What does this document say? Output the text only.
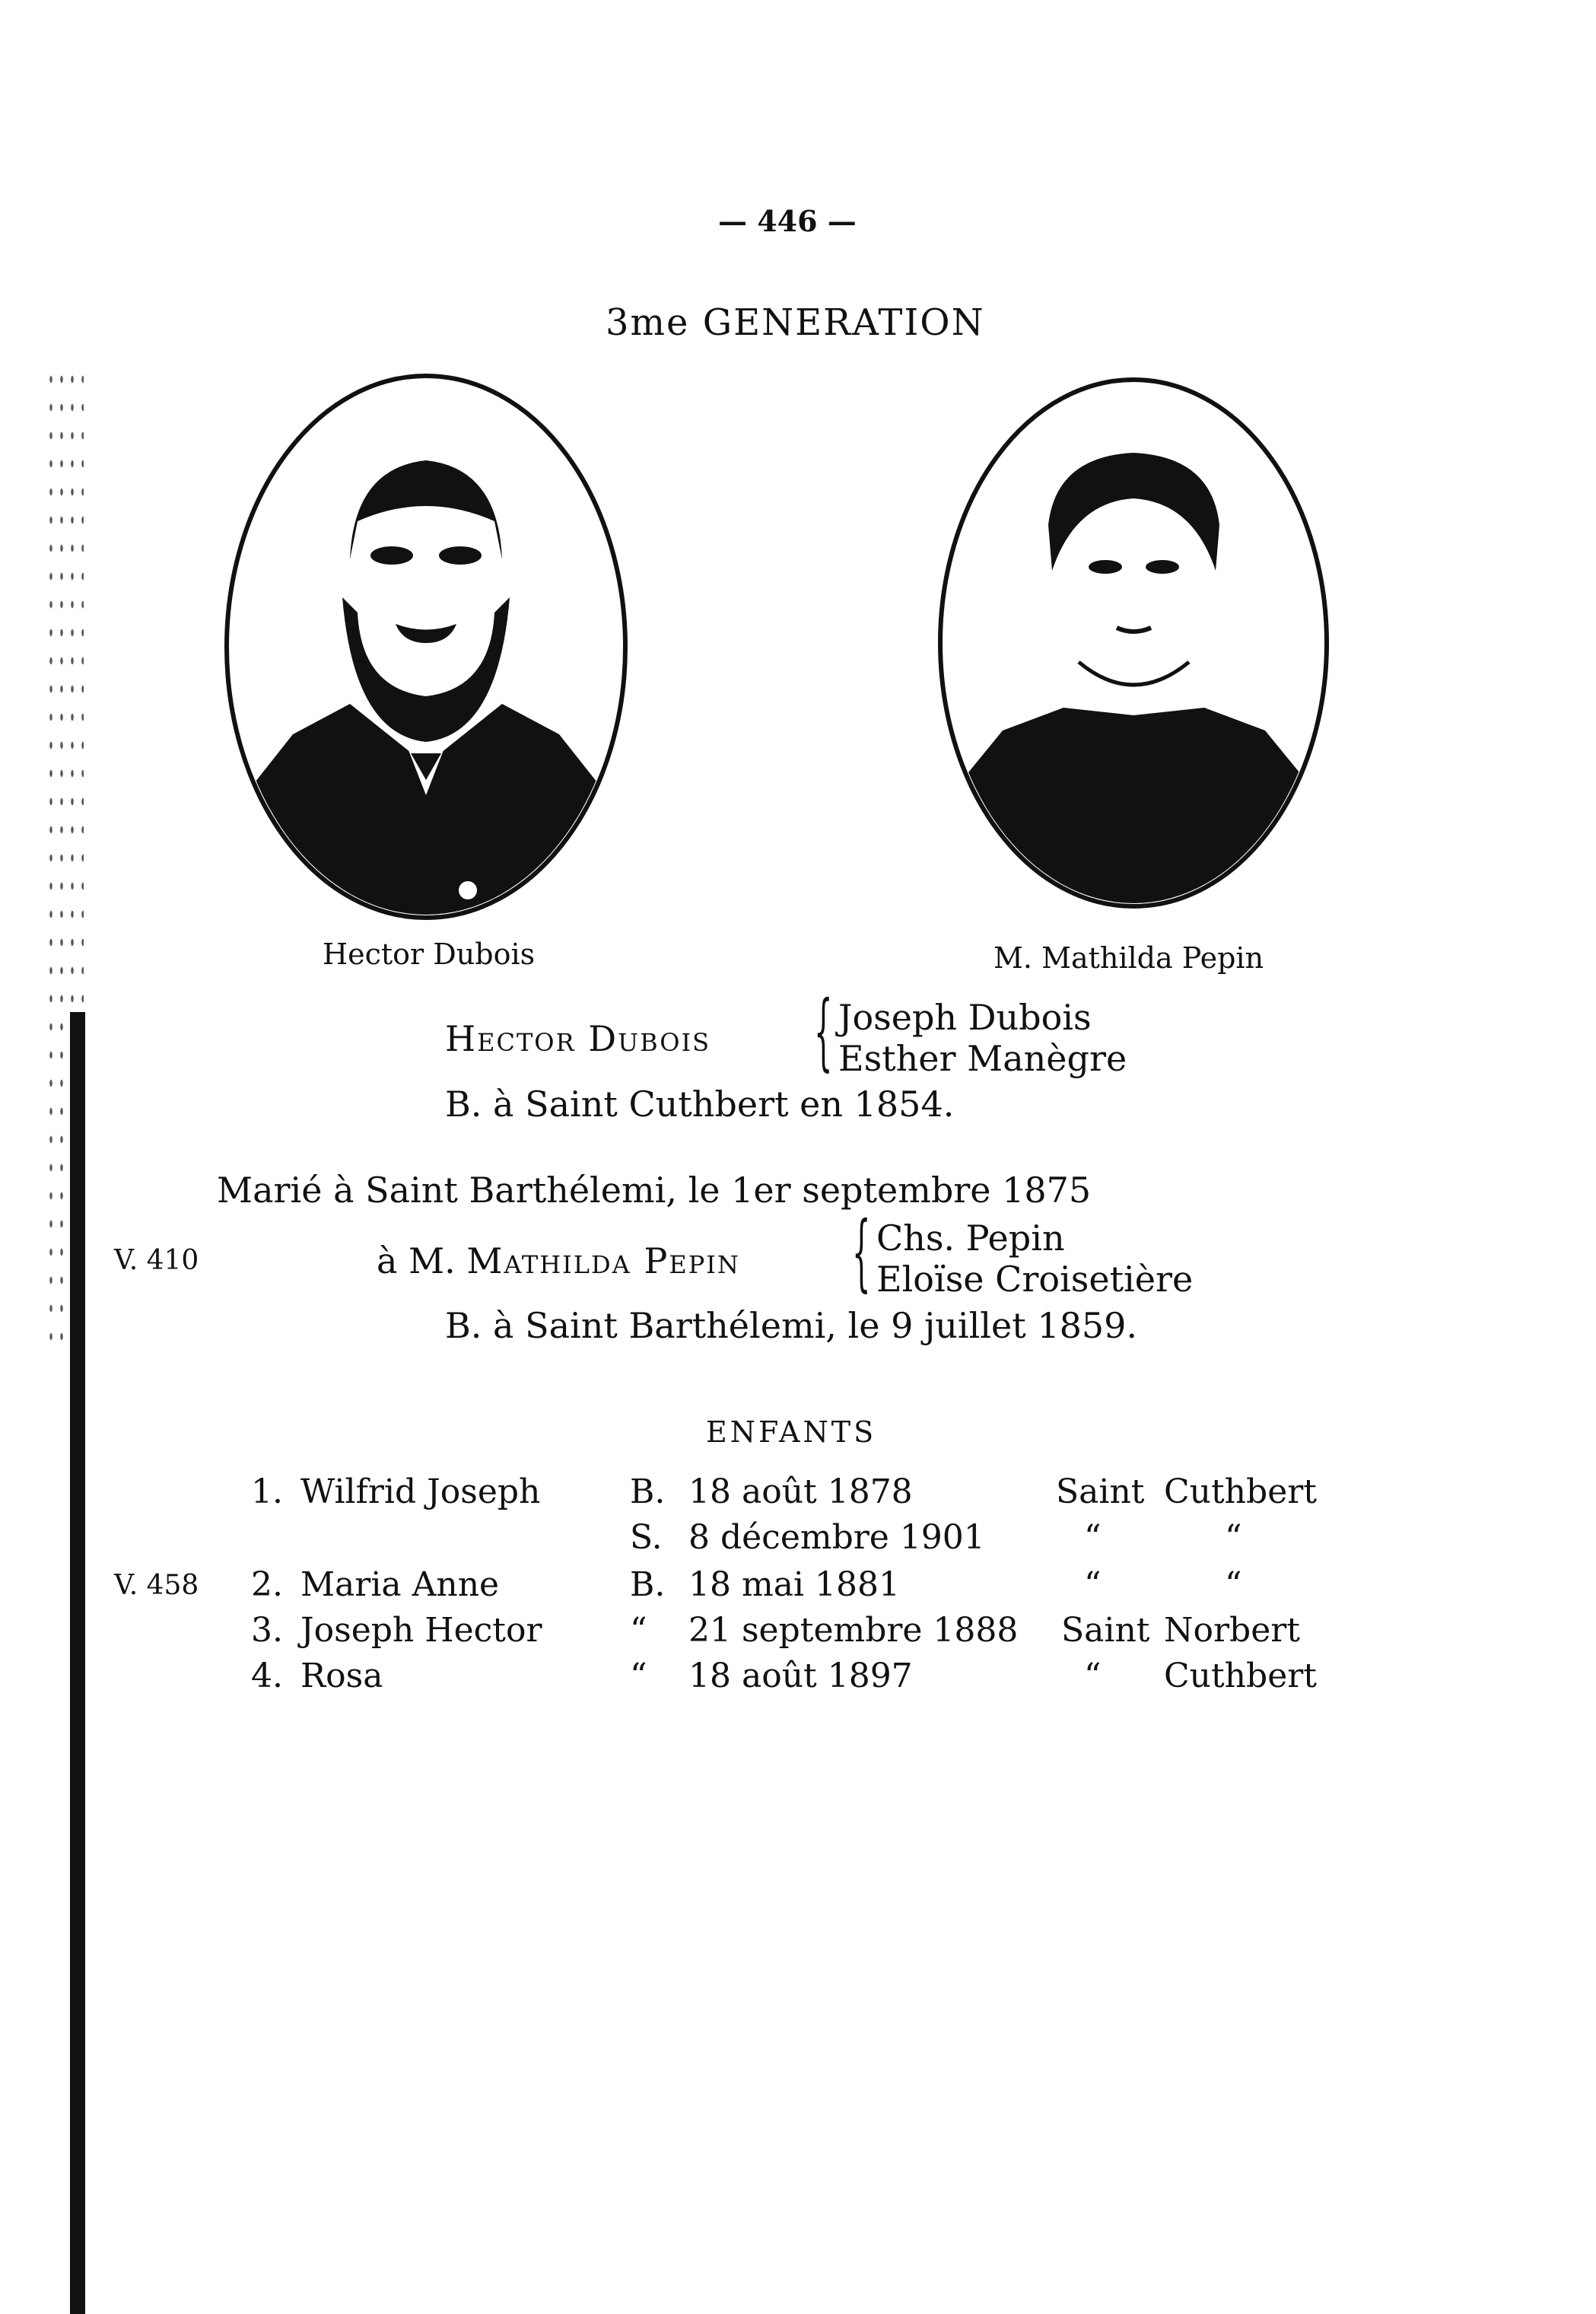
— 446 —
3me GENERATION
Hector Dubois	M. Mathilda Pepin
Hector Dubois { Joseph Dubois
Esther Manègre
B. à Saint Cuthbert en 1854.
Marié à Saint Barthélemi, le 1er septembre 1875
V. 410	à M. Mathilda Pepin { Chs. Pepin
Eloïse Croisetière
B. à Saint Barthélemi, le 9 juillet 1859.
ENFANTS
1. Wilfrid Joseph	B. 18 août 1878	Saint Cuthbert
S. 8 décembre 1901	“	“
V. 458 2. Maria Anne	B. 18 mai 1881	“	“
3. Joseph Hector	“ 21 septembre 1888 Saint Norbert
4. Rosa	“ 18 août 1897	“ Cuthbert
